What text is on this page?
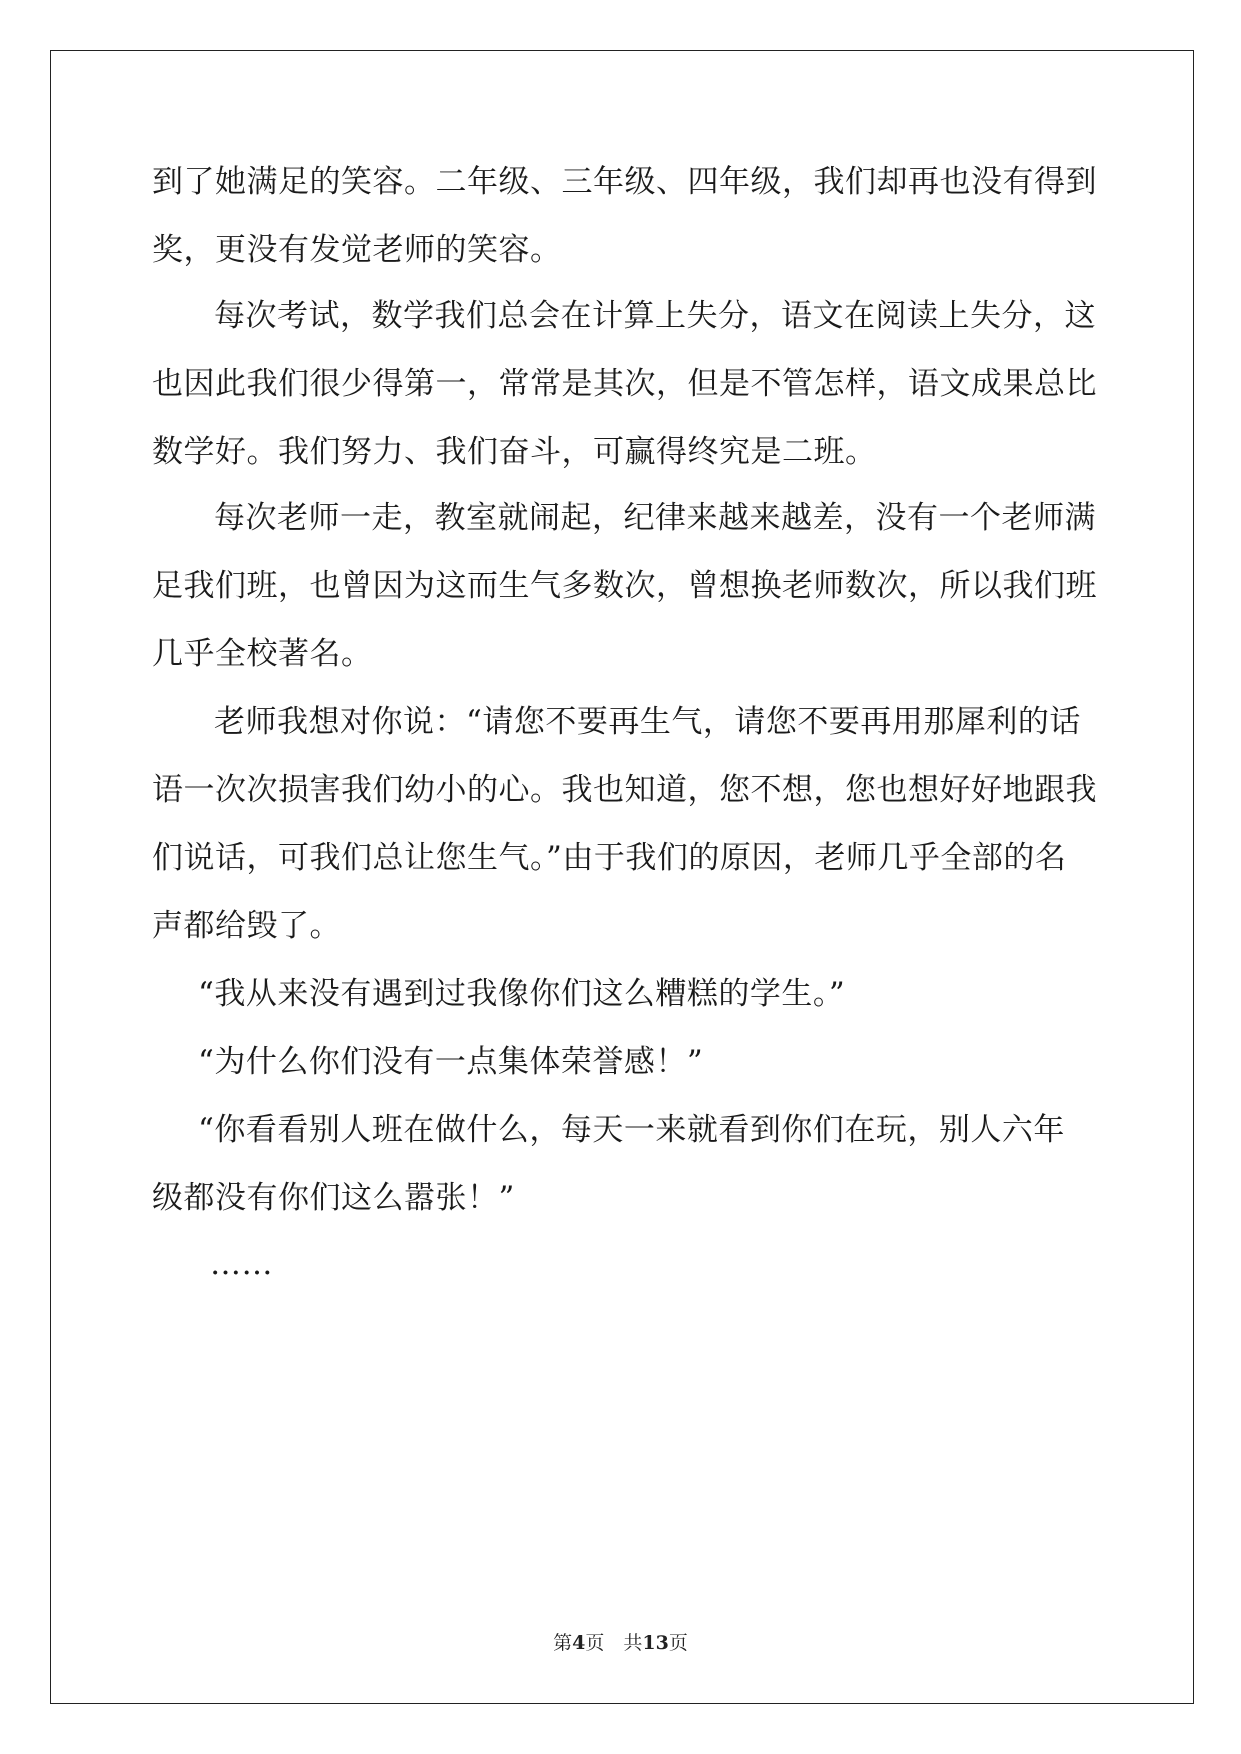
到了她满足的笑容。二年级、三年级、四年级，我们却再也没有得到
奖，更没有发觉老师的笑容。
每次考试，数学我们总会在计算上失分，语文在阅读上失分，这
也因此我们很少得第一，常常是其次，但是不管怎样，语文成果总比
数学好。我们努力、我们奋斗，可赢得终究是二班。
每次老师一走，教室就闹起，纪律来越来越差，没有一个老师满
足我们班，也曾因为这而生气多数次，曾想换老师数次，所以我们班
几乎全校著名。
老师我想对你说：“请您不要再生气，请您不要再用那犀利的话
语一次次损害我们幼小的心。我也知道，您不想，您也想好好地跟我
们说话，可我们总让您生气。”由于我们的原因，老师几乎全部的名
声都给毁了。
“我从来没有遇到过我像你们这么糟糕的学生。”
“为什么你们没有一点集体荣誉感！”
“你看看别人班在做什么，每天一来就看到你们在玩，别人六年
级都没有你们这么嚣张！”
……
第4页　共13页
